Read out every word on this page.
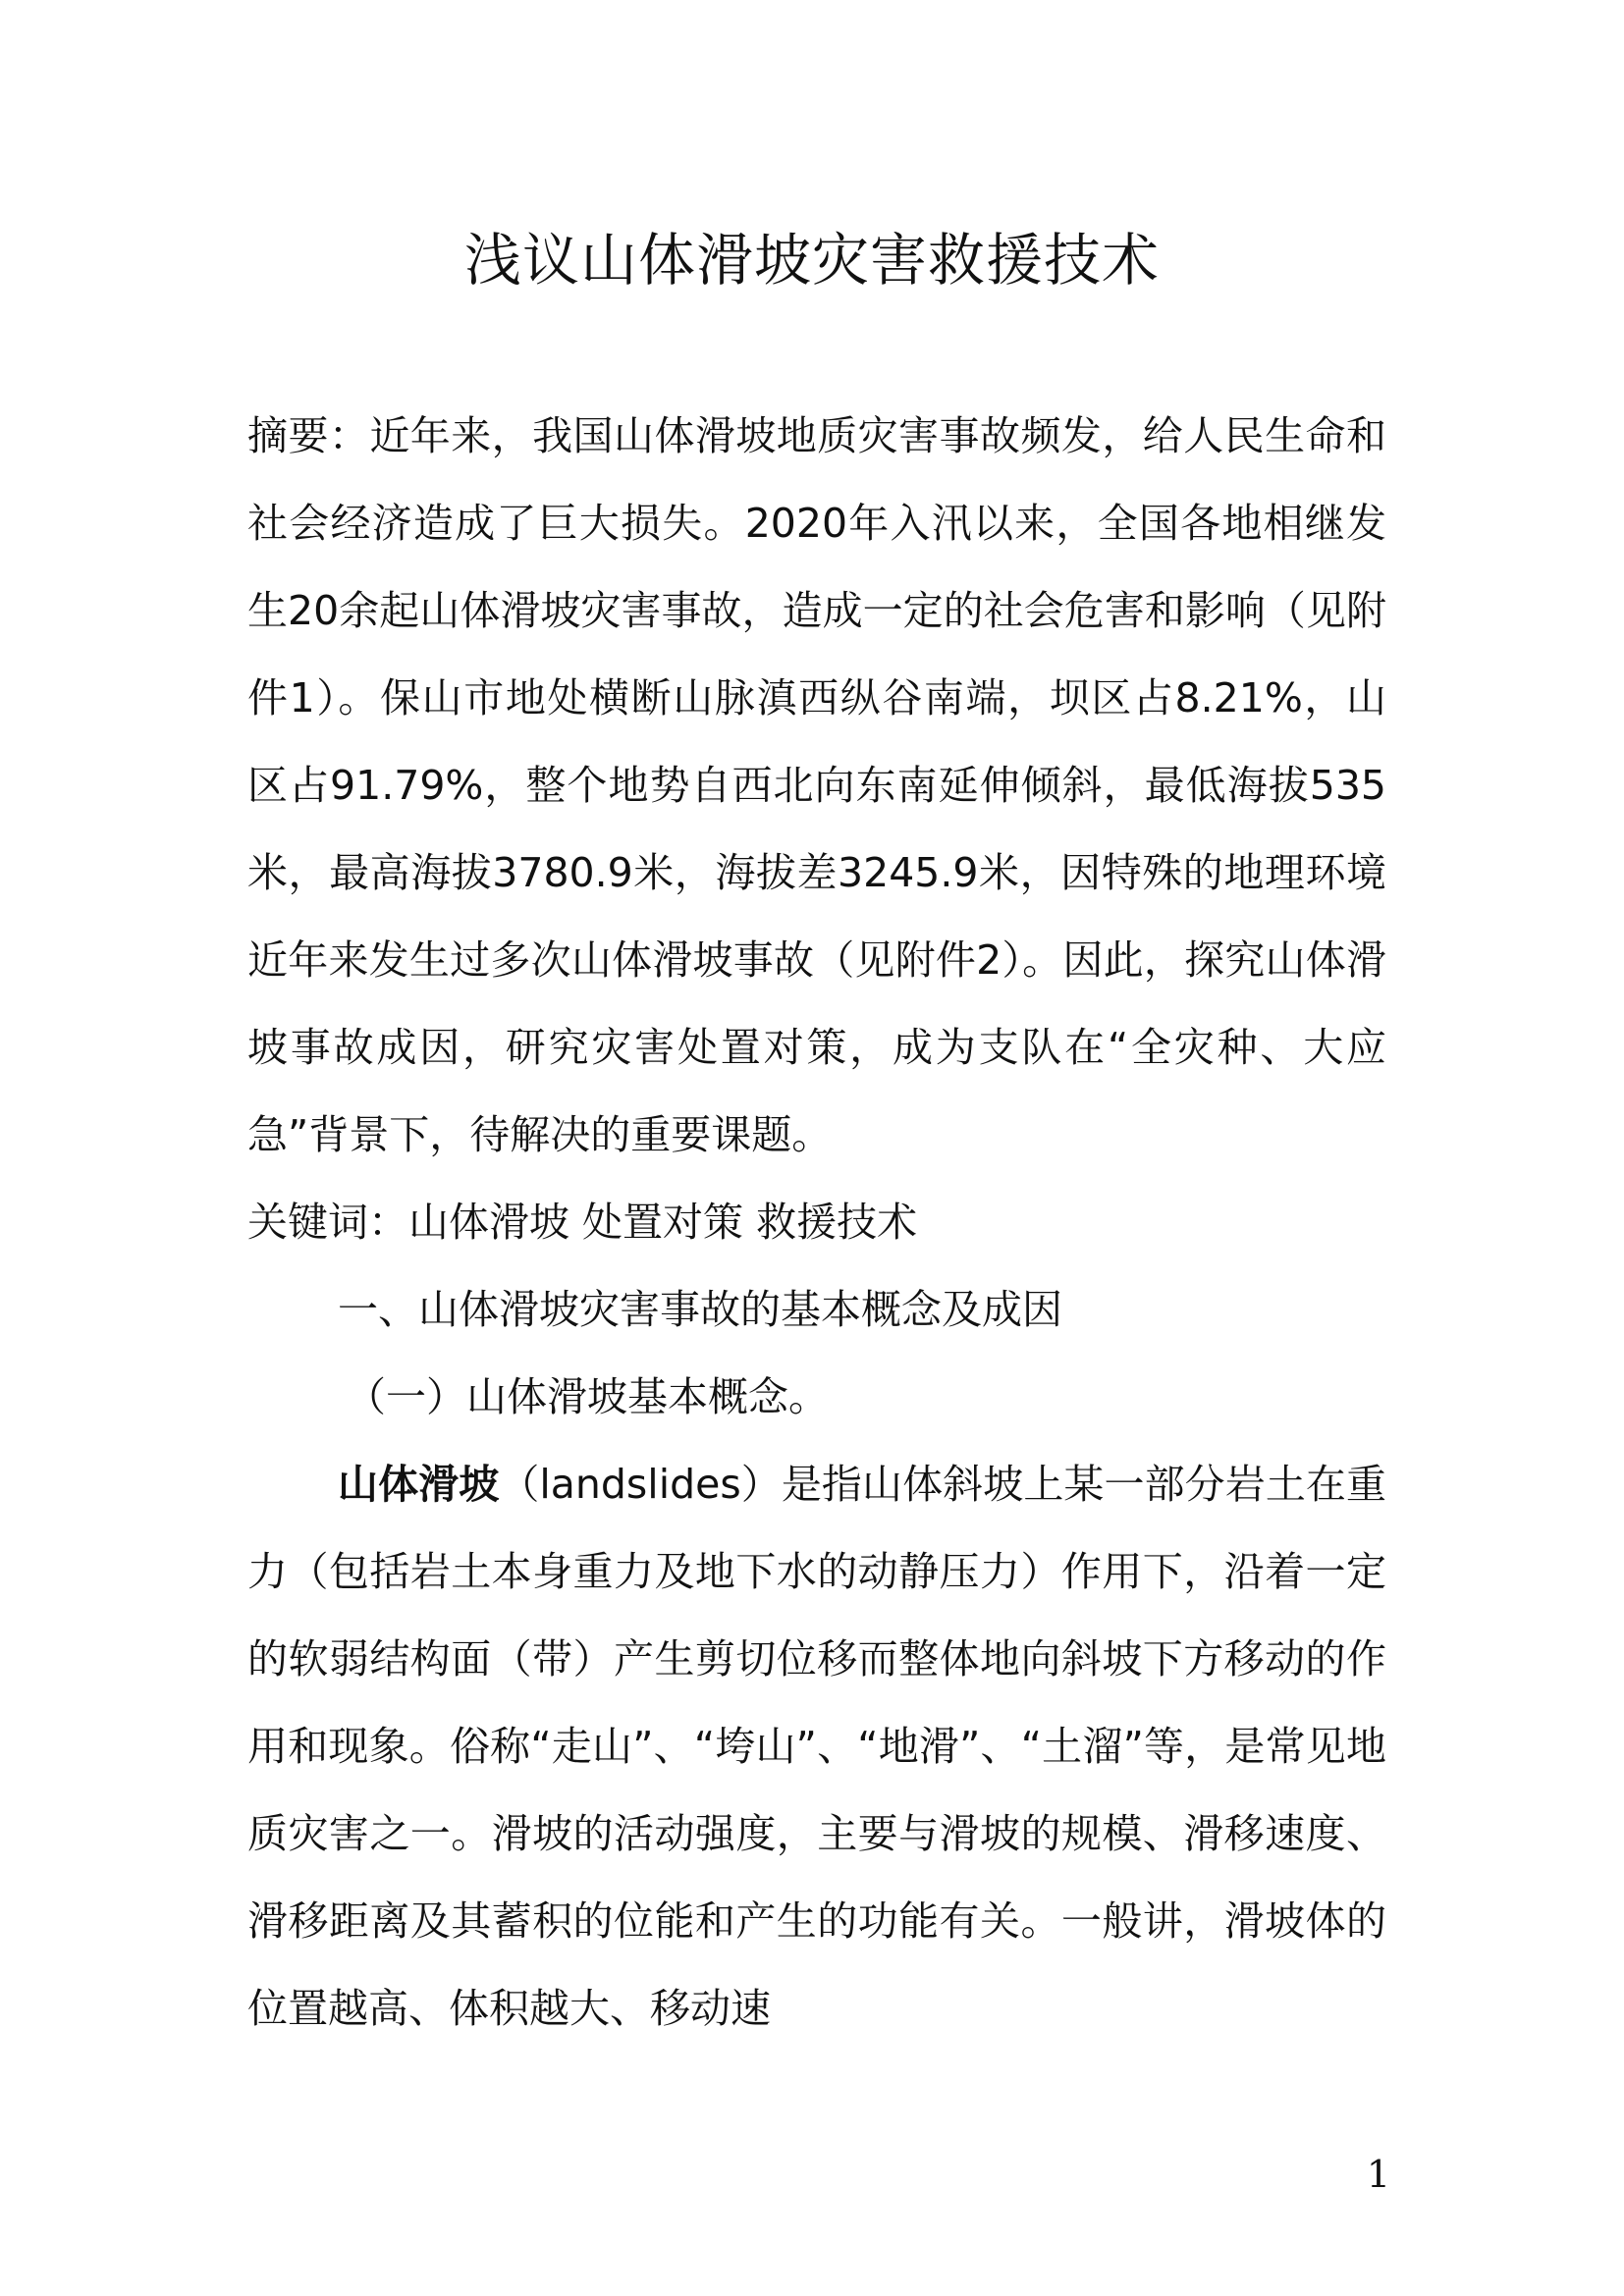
浅议山体滑坡灾害救援技术

摘要：近年来，我国山体滑坡地质灾害事故频发，给人民生命和社会经济造成了巨大损失。2020年入汛以来，全国各地相继发生20余起山体滑坡灾害事故，造成一定的社会危害和影响（见附件1）。保山市地处横断山脉滇西纵谷南端，坝区占8.21%，山区占91.79%，整个地势自西北向东南延伸倾斜，最低海拔535米，最高海拔3780.9米，海拔差3245.9米，因特殊的地理环境近年来发生过多次山体滑坡事故（见附件2）。因此，探究山体滑坡事故成因，研究灾害处置对策，成为支队在“全灾种、大应急”背景下，待解决的重要课题。

关键词：山体滑坡 处置对策 救援技术

一、山体滑坡灾害事故的基本概念及成因

（一）山体滑坡基本概念。

山体滑坡（landslides）是指山体斜坡上某一部分岩土在重力（包括岩土本身重力及地下水的动静压力）作用下，沿着一定的软弱结构面（带）产生剪切位移而整体地向斜坡下方移动的作用和现象。俗称“走山”、“垮山”、“地滑”、“土溜”等，是常见地质灾害之一。滑坡的活动强度，主要与滑坡的规模、滑移速度、滑移距离及其蓄积的位能和产生的功能有关。一般讲，滑坡体的位置越高、体积越大、移动速

1
